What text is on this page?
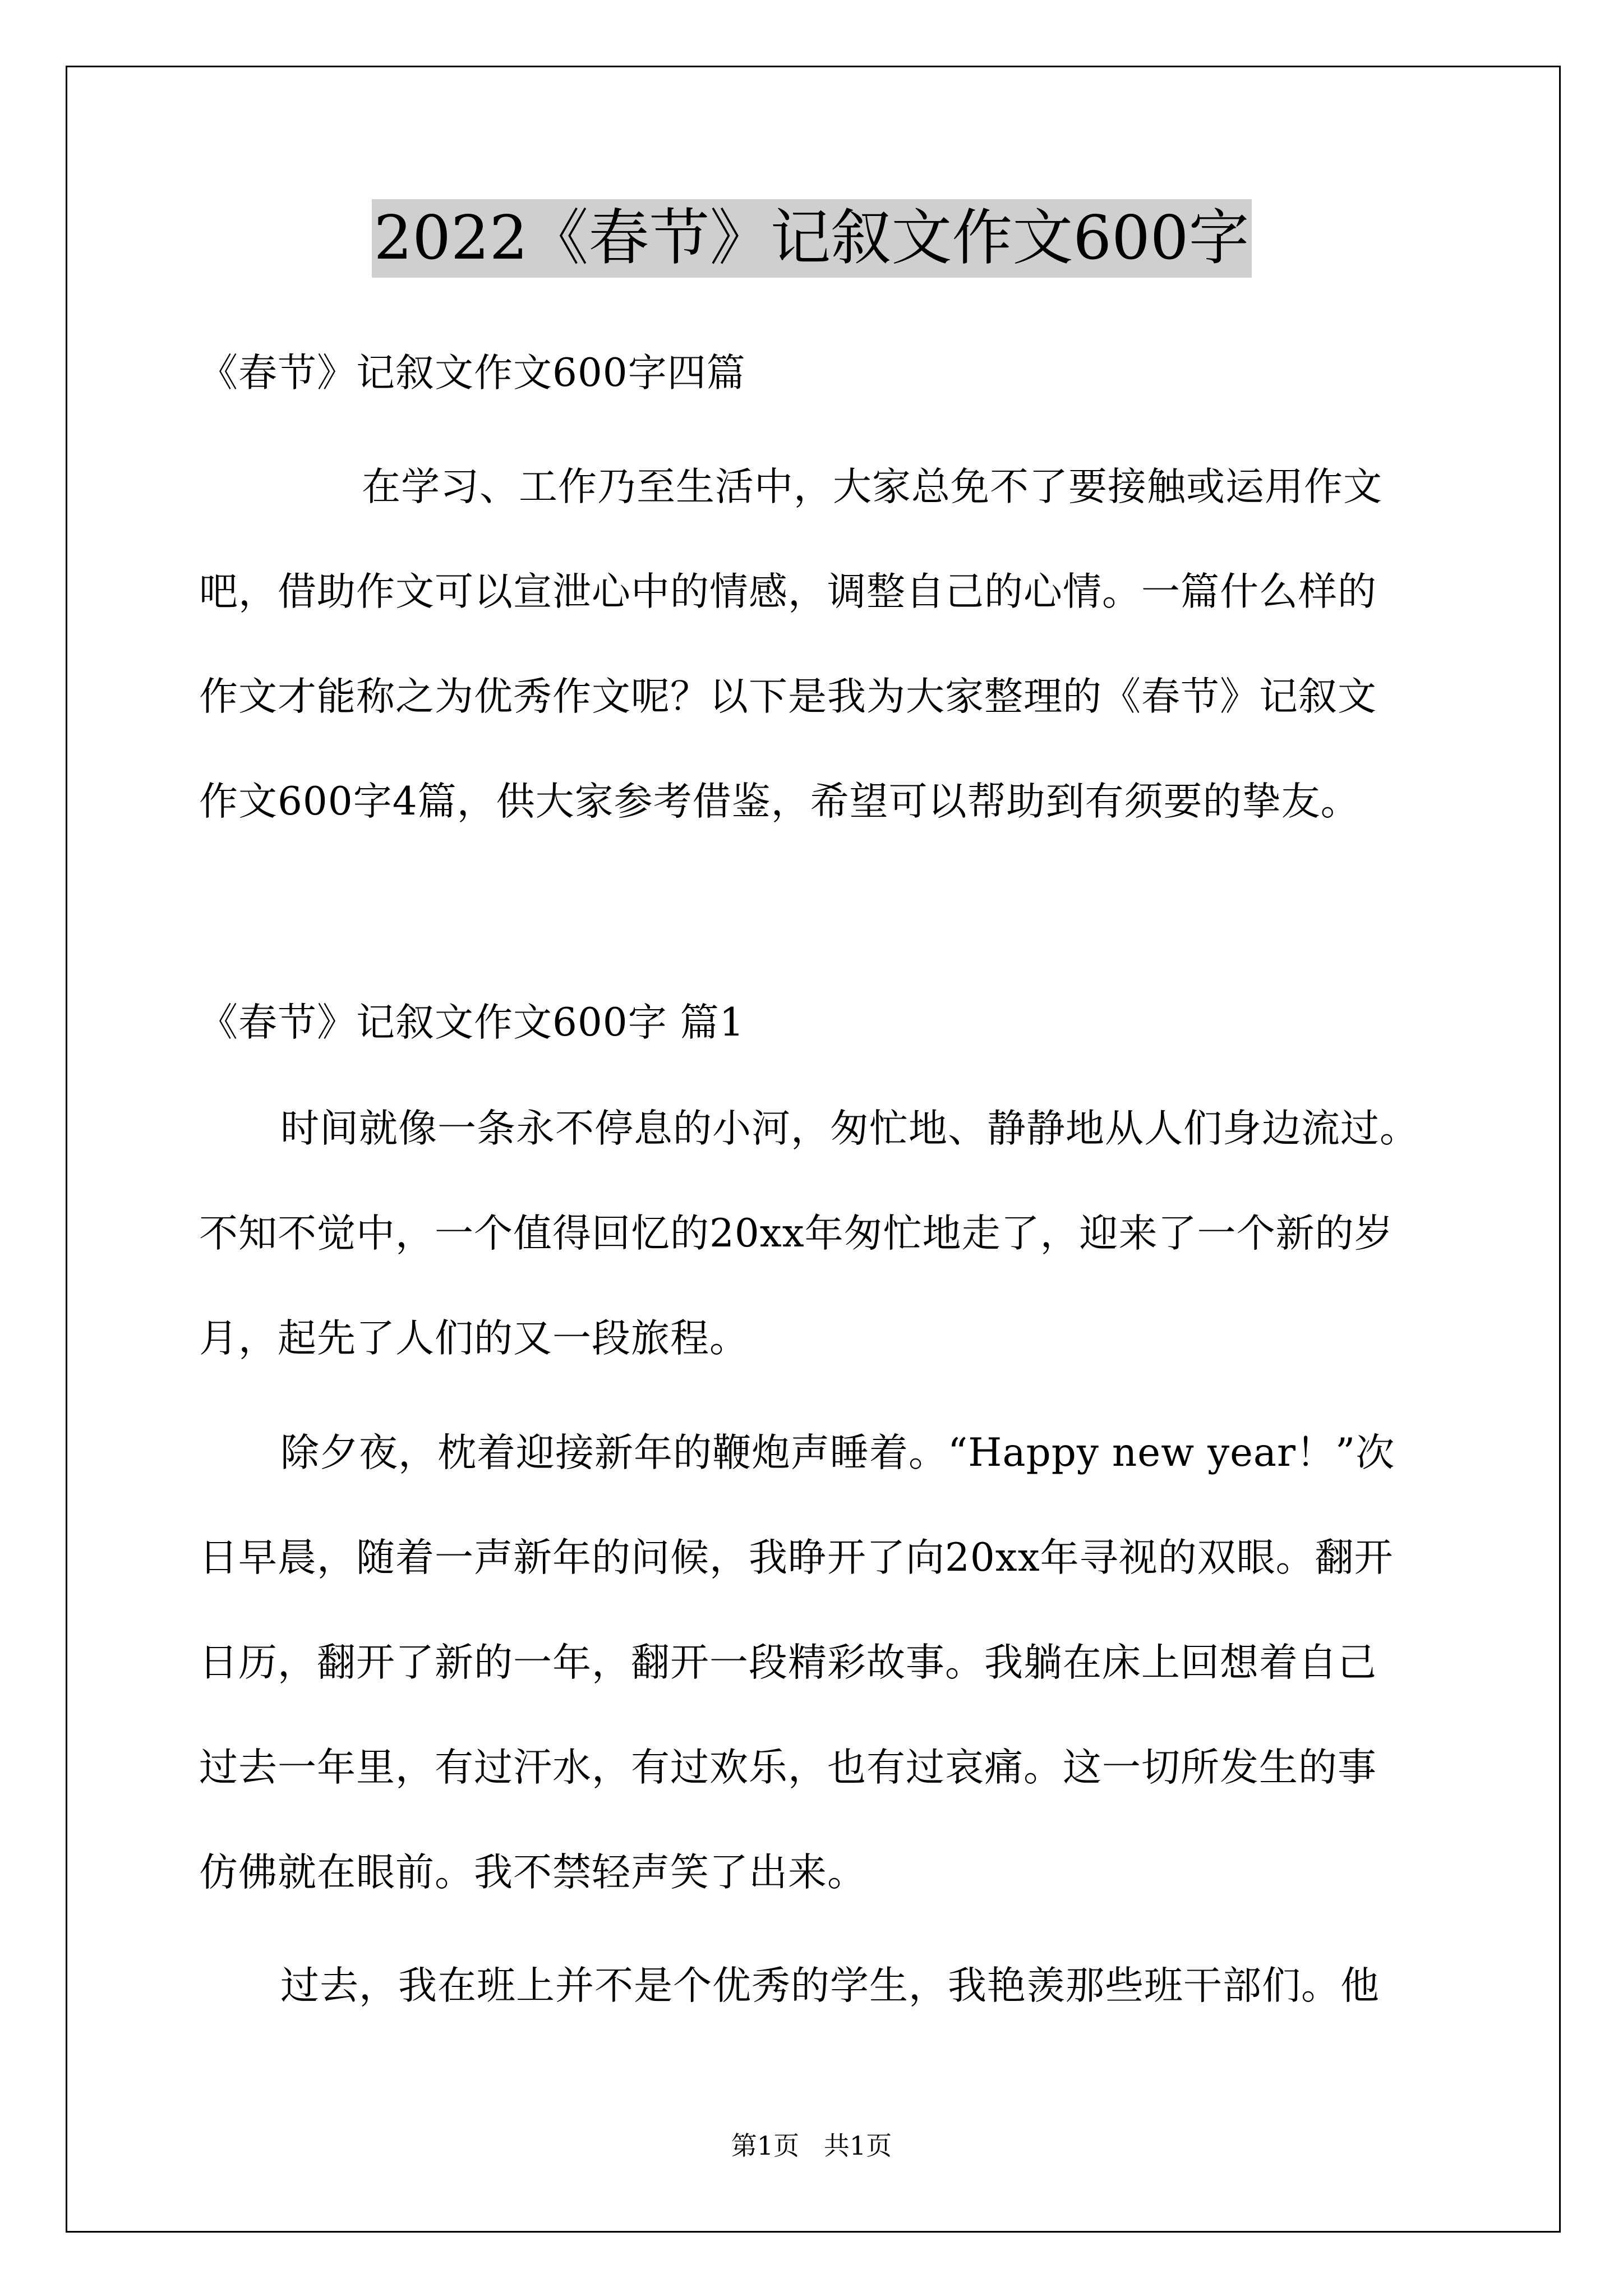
2022《春节》记叙文作文600字
《春节》记叙文作文600字四篇
在学习、工作乃至生活中，大家总免不了要接触或运用作文
吧，借助作文可以宣泄心中的情感，调整自己的心情。一篇什么样的
作文才能称之为优秀作文呢？以下是我为大家整理的《春节》记叙文
作文600字4篇，供大家参考借鉴，希望可以帮助到有须要的挚友。
《春节》记叙文作文600字 篇1
时间就像一条永不停息的小河，匆忙地、静静地从人们身边流过。
不知不觉中，一个值得回忆的20xx年匆忙地走了，迎来了一个新的岁
月，起先了人们的又一段旅程。
除夕夜，枕着迎接新年的鞭炮声睡着。“Happy new year！”次
日早晨，随着一声新年的问候，我睁开了向20xx年寻视的双眼。翻开
日历，翻开了新的一年，翻开一段精彩故事。我躺在床上回想着自己
过去一年里，有过汗水，有过欢乐，也有过哀痛。这一切所发生的事
仿佛就在眼前。我不禁轻声笑了出来。
过去，我在班上并不是个优秀的学生，我艳羡那些班干部们。他
第1页   共1页
